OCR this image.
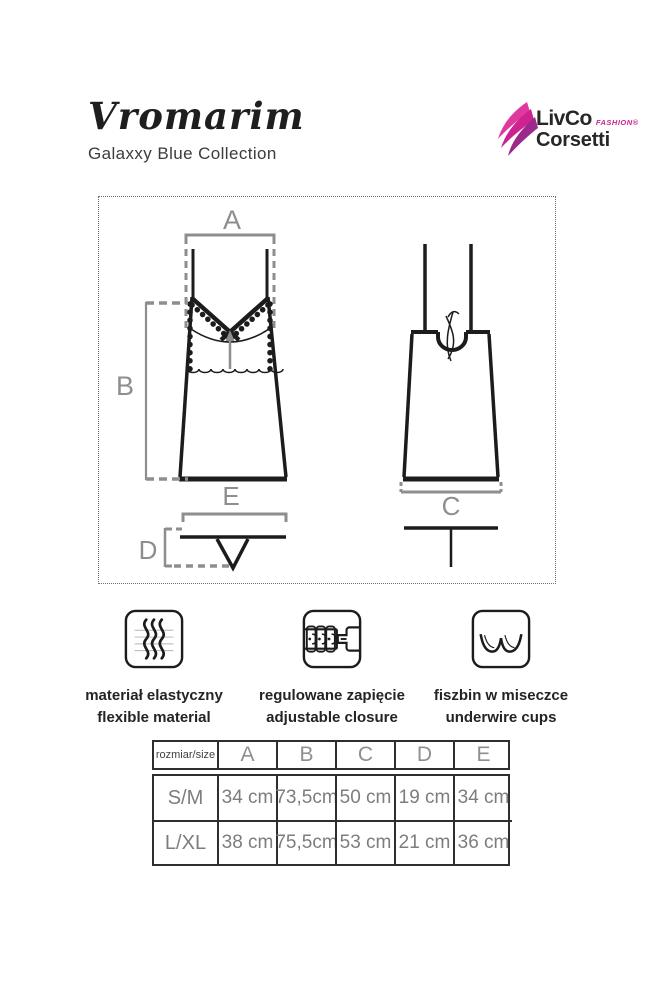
Vromarim
Galaxxy Blue Collection
LivCo FASHION®
Corsetti
A
B
E
D
C
materiał elastyczny
flexible material
regulowane zapięcie
adjustable closure
fiszbin w miseczce
underwire cups
rozmiar/size	A	B	C	D	E
S/M 34 cm 73,5cm 50 cm 19 cm 34 cm
L/XL 38 cm 75,5cm 53 cm 21 cm 36 cm
